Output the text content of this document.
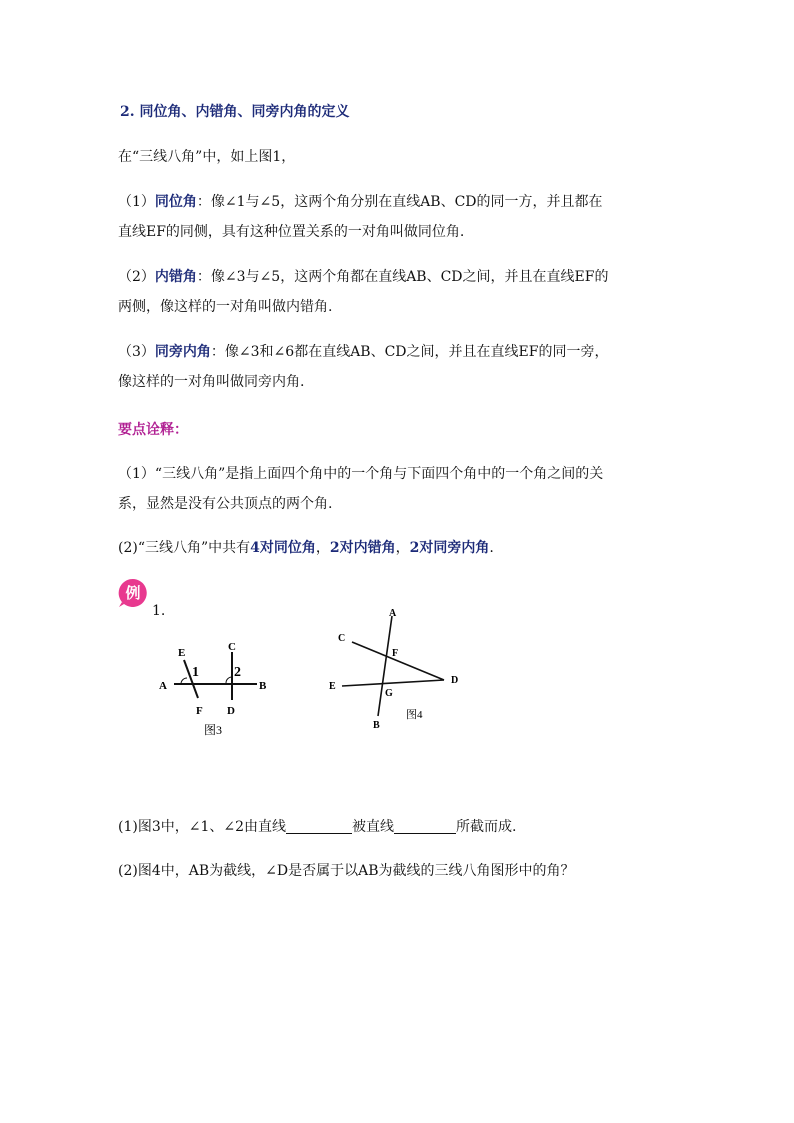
2. 同位角、内错角、同旁内角的定义
在“三线八角”中，如上图1，
（1）同位角：像∠1与∠5，这两个角分别在直线AB、CD的同一方，并且都在
直线EF的同侧，具有这种位置关系的一对角叫做同位角.
（2）内错角：像∠3与∠5，这两个角都在直线AB、CD之间，并且在直线EF的
两侧，像这样的一对角叫做内错角.
（3）同旁内角：像∠3和∠6都在直线AB、CD之间，并且在直线EF的同一旁，
像这样的一对角叫做同旁内角.
要点诠释：
（1）“三线八角”是指上面四个角中的一个角与下面四个角中的一个角之间的关
系，显然是没有公共顶点的两个角.
(2)“三线八角”中共有4对同位角，2对内错角，2对同旁内角.
例
1.
A	B
C
D
E
F
1	2
图3
A
B
C
D
E
F
G
图4
(1)图3中，∠1、∠2由直线	被直线	所截而成.
(2)图4中，AB为截线，∠D是否属于以AB为截线的三线八角图形中的角？
